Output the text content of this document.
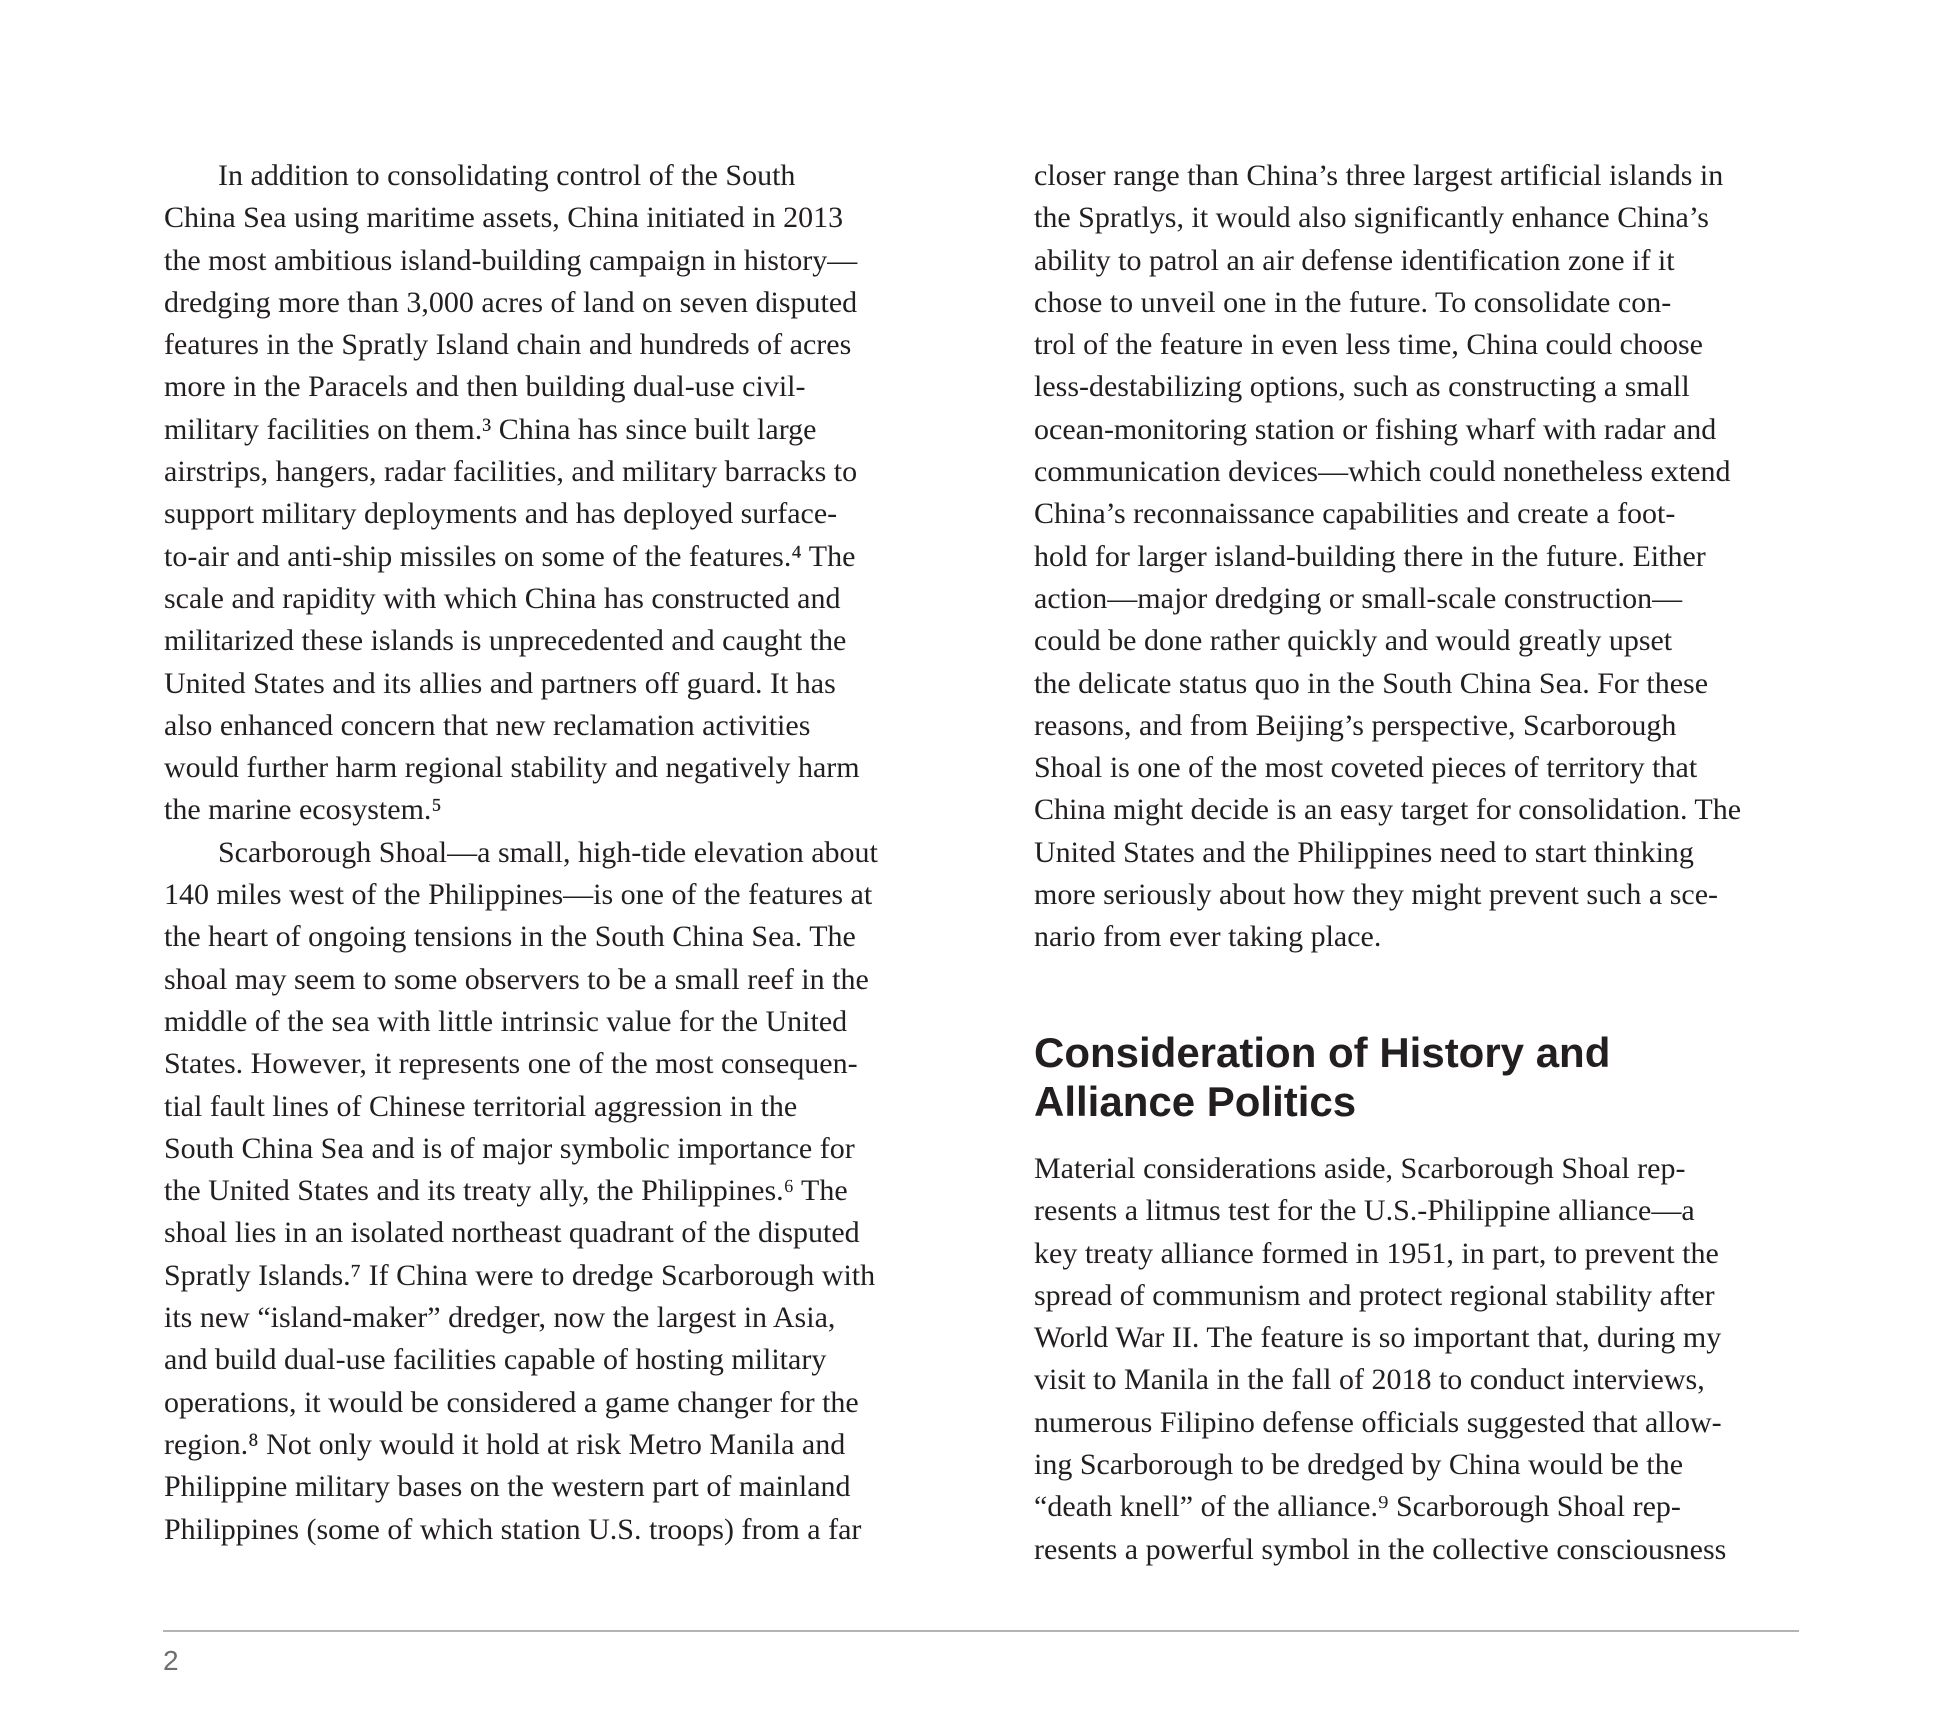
In addition to consolidating control of the South
China Sea using maritime assets, China initiated in 2013
the most ambitious island-building campaign in history—
dredging more than 3,000 acres of land on seven disputed
features in the Spratly Island chain and hundreds of acres
more in the Paracels and then building dual-use civil-
military facilities on them.³ China has since built large
airstrips, hangers, radar facilities, and military barracks to
support military deployments and has deployed surface-
to-air and anti-ship missiles on some of the features.⁴ The
scale and rapidity with which China has constructed and
militarized these islands is unprecedented and caught the
United States and its allies and partners off guard. It has
also enhanced concern that new reclamation activities
would further harm regional stability and negatively harm
the marine ecosystem.⁵
Scarborough Shoal—a small, high-tide elevation about
140 miles west of the Philippines—is one of the features at
the heart of ongoing tensions in the South China Sea. The
shoal may seem to some observers to be a small reef in the
middle of the sea with little intrinsic value for the United
States. However, it represents one of the most consequen-
tial fault lines of Chinese territorial aggression in the
South China Sea and is of major symbolic importance for
the United States and its treaty ally, the Philippines.⁶ The
shoal lies in an isolated northeast quadrant of the disputed
Spratly Islands.⁷ If China were to dredge Scarborough with
its new “island-maker” dredger, now the largest in Asia,
and build dual-use facilities capable of hosting military
operations, it would be considered a game changer for the
region.⁸ Not only would it hold at risk Metro Manila and
Philippine military bases on the western part of mainland
Philippines (some of which station U.S. troops) from a far
closer range than China’s three largest artificial islands in
the Spratlys, it would also significantly enhance China’s
ability to patrol an air defense identification zone if it
chose to unveil one in the future. To consolidate con-
trol of the feature in even less time, China could choose
less-destabilizing options, such as constructing a small
ocean-monitoring station or fishing wharf with radar and
communication devices—which could nonetheless extend
China’s reconnaissance capabilities and create a foot-
hold for larger island-building there in the future. Either
action—major dredging or small-scale construction—
could be done rather quickly and would greatly upset
the delicate status quo in the South China Sea. For these
reasons, and from Beijing’s perspective, Scarborough
Shoal is one of the most coveted pieces of territory that
China might decide is an easy target for consolidation. The
United States and the Philippines need to start thinking
more seriously about how they might prevent such a sce-
nario from ever taking place.
Consideration of History and
Alliance Politics
Material considerations aside, Scarborough Shoal rep-
resents a litmus test for the U.S.-Philippine alliance—a
key treaty alliance formed in 1951, in part, to prevent the
spread of communism and protect regional stability after
World War II. The feature is so important that, during my
visit to Manila in the fall of 2018 to conduct interviews,
numerous Filipino defense officials suggested that allow-
ing Scarborough to be dredged by China would be the
“death knell” of the alliance.⁹ Scarborough Shoal rep-
resents a powerful symbol in the collective consciousness
2
